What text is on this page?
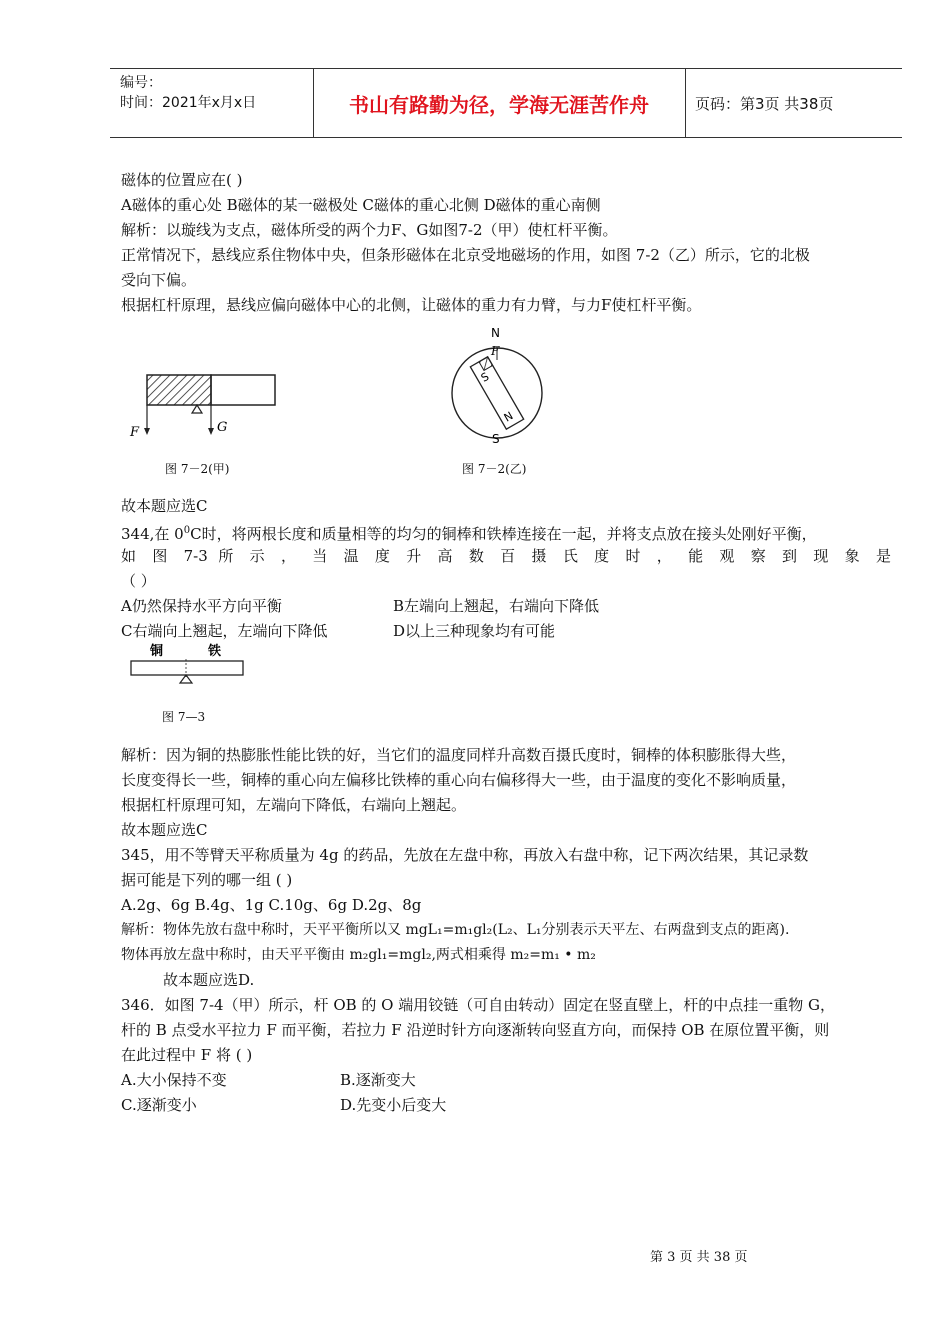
编号：
时间：2021年x月x日	书山有路勤为径，学海无涯苦作舟	页码：第3页 共38页
磁体的位置应在( )
A磁体的重心处 B磁体的某一磁极处 C磁体的重心北侧 D磁体的重心南侧
解析：以璇线为支点，磁体所受的两个力F、G如图7-2（甲）使杠杆平衡。
正常情况下，悬线应系住物体中央，但条形磁体在北京受地磁场的作用，如图 7-2（乙）所示，它的北极
受向下偏。
根据杠杆原理，悬线应偏向磁体中心的北侧，让磁体的重力有力臂，与力F使杠杆平衡。
F	G
图 7－2(甲)
N
F
S
N
S
图 7－2(乙)
故本题应选C
344,在 $0^0C$时，将两根长度和质量相等的均匀的铜棒和铁棒连接在一起，并将支点放在接头处刚好平衡，
如 图 7-3 所 示 ， 当 温 度 升 高 数 百 摄 氏 度 时 ， 能 观 察 到 现 象 是
（ ）
A仍然保持水平方向平衡	B左端向上翘起，右端向下降低
C右端向上翘起，左端向下降低	D以上三种现象均有可能
铜	铁
图 7—3
解析：因为铜的热膨胀性能比铁的好，当它们的温度同样升高数百摄氏度时，铜棒的体积膨胀得大些，
长度变得长一些，铜棒的重心向左偏移比铁棒的重心向右偏移得大一些，由于温度的变化不影响质量，
根据杠杆原理可知，左端向下降低，右端向上翘起。
故本题应选C
345，用不等臂天平称质量为 4g 的药品，先放在左盘中称，再放入右盘中称，记下两次结果，其记录数
据可能是下列的哪一组 ( )
A.2g、6g B.4g、1g C.10g、6g D.2g、8g
解析：物体先放右盘中称时，天平平衡所以又 mgL₁=m₁gl₂(L₂、L₁分别表示天平左、右两盘到支点的距离).
物体再放左盘中称时，由天平平衡由 m₂gl₁=mgl₂,两式相乘得 m₂=m₁ • m₂
故本题应选D.
346．如图 7-4（甲）所示，杆 OB 的 O 端用铰链（可自由转动）固定在竖直壁上，杆的中点挂一重物 G，
杆的 B 点受水平拉力 F 而平衡，若拉力 F 沿逆时针方向逐渐转向竖直方向，而保持 OB 在原位置平衡，则
在此过程中 F 将 ( )
A.大小保持不变	B.逐渐变大
C.逐渐变小	D.先变小后变大
第 3 页 共 38 页
